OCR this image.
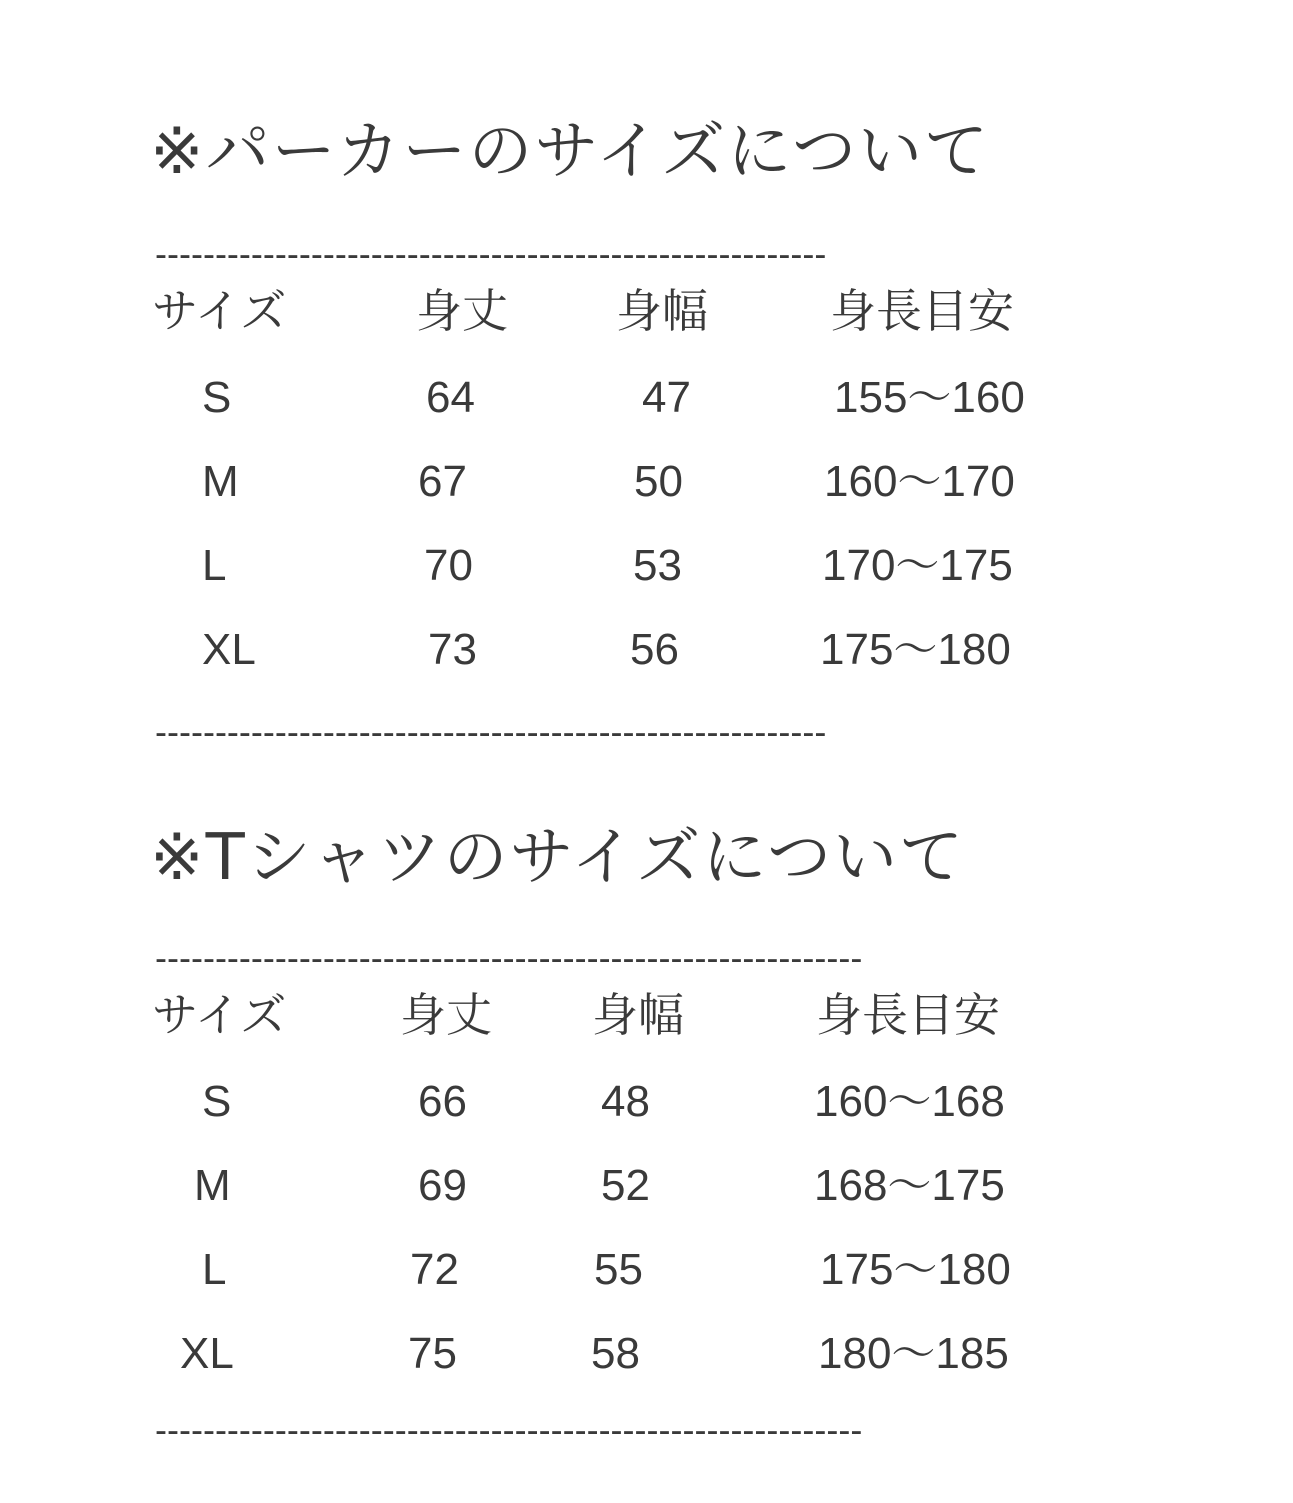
※パーカーのサイズについて
--------------------------------------------------------
サイズ	身丈 身幅	身長目安
S	64	47	155〜160
M	67	50	160〜170
L	70	53	170〜175
XL	73	56	175〜180
--------------------------------------------------------
※Tシャツのサイズについて
-----------------------------------------------------------
サイズ 身丈 身幅	身長目安
S	66	48	160〜168
M	69	52	168〜175
L	72	55	175〜180
XL	75	58	180〜185
-----------------------------------------------------------
